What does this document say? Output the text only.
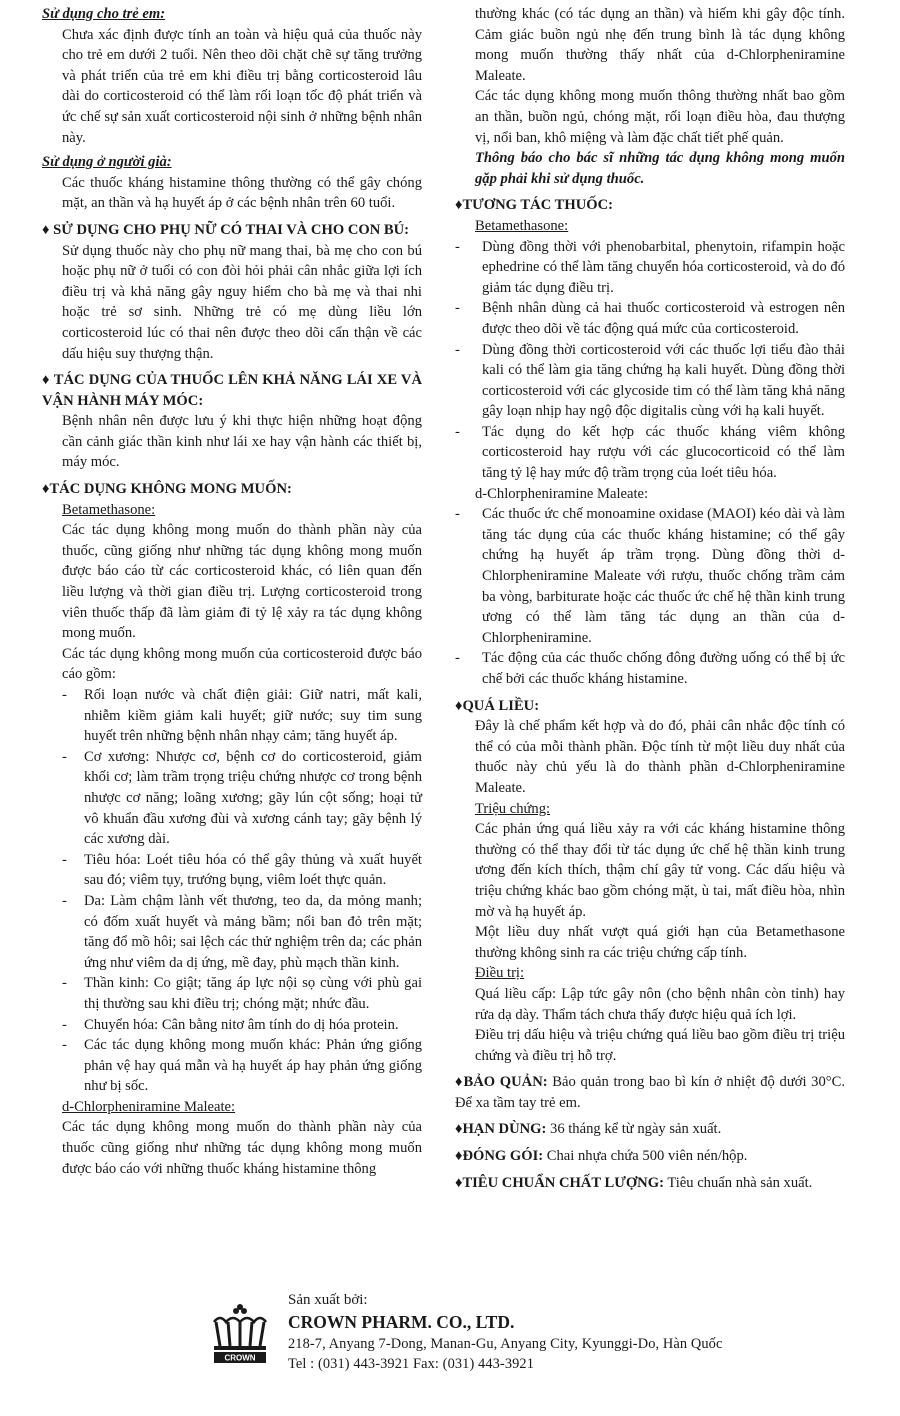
Sử dụng cho trẻ em:

Chưa xác định được tính an toàn và hiệu quả của thuốc này cho trẻ em dưới 2 tuổi. Nên theo dõi chặt chẽ sự tăng trưởng và phát triển của trẻ em khi điều trị bằng corticosteroid lâu dài do corticosteroid có thể làm rối loạn tốc độ phát triển và ức chế sự sản xuất corticosteroid nội sinh ở những bệnh nhân này.

Sử dụng ở người già:

Các thuốc kháng histamine thông thường có thể gây chóng mặt, an thần và hạ huyết áp ở các bệnh nhân trên 60 tuổi.

♦ SỬ DỤNG CHO PHỤ NỮ CÓ THAI VÀ CHO CON BÚ:

Sử dụng thuốc này cho phụ nữ mang thai, bà mẹ cho con bú hoặc phụ nữ ở tuổi có con đòi hỏi phải cân nhắc giữa lợi ích điều trị và khả năng gây nguy hiểm cho bà mẹ và thai nhi hoặc trẻ sơ sinh. Những trẻ có mẹ dùng liều lớn corticosteroid lúc có thai nên được theo dõi cẩn thận về các dấu hiệu suy thượng thận.

♦ TÁC DỤNG CỦA THUỐC LÊN KHẢ NĂNG LÁI XE VÀ VẬN HÀNH MÁY MÓC:

Bệnh nhân nên được lưu ý khi thực hiện những hoạt động cần cảnh giác thần kinh như lái xe hay vận hành các thiết bị, máy móc.

♦TÁC DỤNG KHÔNG MONG MUỐN:

Betamethasone:

Các tác dụng không mong muốn do thành phần này của thuốc, cũng giống như những tác dụng không mong muốn được báo cáo từ các corticosteroid khác, có liên quan đến liều lượng và thời gian điều trị. Lượng corticosteroid trong viên thuốc thấp đã làm giảm đi tỷ lệ xảy ra tác dụng không mong muốn.

Các tác dụng không mong muốn của corticosteroid được báo cáo gồm:

- Rối loạn nước và chất điện giải: Giữ natri, mất kali, nhiễm kiềm giảm kali huyết; giữ nước; suy tim sung huyết trên những bệnh nhân nhạy cảm; tăng huyết áp.
- Cơ xương: Nhược cơ, bệnh cơ do corticosteroid, giảm khối cơ; làm trầm trọng triệu chứng nhược cơ trong bệnh nhược cơ năng; loãng xương; gãy lún cột sống; hoại tử vô khuẩn đầu xương đùi và xương cánh tay; gãy bệnh lý các xương dài.
- Tiêu hóa: Loét tiêu hóa có thể gây thủng và xuất huyết sau đó; viêm tụy, trướng bụng, viêm loét thực quản.
- Da: Làm chậm lành vết thương, teo da, da mỏng manh; có đốm xuất huyết và mảng bầm; nổi ban đỏ trên mặt; tăng đổ mồ hôi; sai lệch các thử nghiệm trên da; các phản ứng như viêm da dị ứng, mề đay, phù mạch thần kinh.
- Thần kinh: Co giật; tăng áp lực nội sọ cùng với phù gai thị thường sau khi điều trị; chóng mặt; nhức đầu.
- Chuyển hóa: Cân bằng nitơ âm tính do dị hóa protein.
- Các tác dụng không mong muốn khác: Phản ứng giống phản vệ hay quá mẫn và hạ huyết áp hay phản ứng giống như bị sốc.

d-Chlorpheniramine Maleate:

Các tác dụng không mong muốn do thành phần này của thuốc cũng giống như những tác dụng không mong muốn được báo cáo với những thuốc kháng histamine thông

thường khác (có tác dụng an thần) và hiếm khi gây độc tính. Cảm giác buồn ngủ nhẹ đến trung bình là tác dụng không mong muốn thường thấy nhất của d-Chlorpheniramine Maleate.

Các tác dụng không mong muốn thông thường nhất bao gồm an thần, buồn ngủ, chóng mặt, rối loạn điều hòa, đau thượng vị, nổi ban, khô miệng và làm đặc chất tiết phế quản.

Thông báo cho bác sĩ những tác dụng không mong muốn gặp phải khi sử dụng thuốc.

♦TƯƠNG TÁC THUỐC:

Betamethasone:

- Dùng đồng thời với phenobarbital, phenytoin, rifampin hoặc ephedrine có thể làm tăng chuyển hóa corticosteroid, và do đó giảm tác dụng điều trị.
- Bệnh nhân dùng cả hai thuốc corticosteroid và estrogen nên được theo dõi về tác động quá mức của corticosteroid.
- Dùng đồng thời corticosteroid với các thuốc lợi tiểu đào thải kali có thể làm gia tăng chứng hạ kali huyết. Dùng đồng thời corticosteroid với các glycoside tim có thể làm tăng khả năng gây loạn nhịp hay ngộ độc digitalis cùng với hạ kali huyết.
- Tác dụng do kết hợp các thuốc kháng viêm không corticosteroid hay rượu với các glucocorticoid có thể làm tăng tỷ lệ hay mức độ trầm trọng của loét tiêu hóa.

d-Chlorpheniramine Maleate:

- Các thuốc ức chế monoamine oxidase (MAOI) kéo dài và làm tăng tác dụng của các thuốc kháng histamine; có thể gây chứng hạ huyết áp trầm trọng. Dùng đồng thời d-Chlorpheniramine Maleate với rượu, thuốc chống trầm cảm ba vòng, barbiturate hoặc các thuốc ức chế hệ thần kinh trung ương có thể làm tăng tác dụng an thần của d-Chlorpheniramine.
- Tác động của các thuốc chống đông đường uống có thể bị ức chế bởi các thuốc kháng histamine.

♦QUÁ LIỀU:

Đây là chế phẩm kết hợp và do đó, phải cân nhắc độc tính có thể có của mỗi thành phần. Độc tính từ một liều duy nhất của thuốc này chủ yếu là do thành phần d-Chlorpheniramine Maleate.

Triệu chứng:

Các phản ứng quá liều xảy ra với các kháng histamine thông thường có thể thay đổi từ tác dụng ức chế hệ thần kinh trung ương đến kích thích, thậm chí gây tử vong. Các dấu hiệu và triệu chứng khác bao gồm chóng mặt, ù tai, mất điều hòa, nhìn mờ và hạ huyết áp.

Một liều duy nhất vượt quá giới hạn của Betamethasone thường không sinh ra các triệu chứng cấp tính.

Điều trị:

Quá liều cấp: Lập tức gây nôn (cho bệnh nhân còn tỉnh) hay rửa dạ dày. Thẩm tách chưa thấy được hiệu quả ích lợi.

Điều trị dấu hiệu và triệu chứng quá liều bao gồm điều trị triệu chứng và điều trị hỗ trợ.

♦BẢO QUẢN: Bảo quản trong bao bì kín ở nhiệt độ dưới 30°C. Để xa tầm tay trẻ em.

♦HẠN DÙNG: 36 tháng kể từ ngày sản xuất.

♦ĐÓNG GÓI: Chai nhựa chứa 500 viên nén/hộp.

♦TIÊU CHUẨN CHẤT LƯỢNG: Tiêu chuẩn nhà sản xuất.

CROWN
Sản xuất bởi:
CROWN PHARM. CO., LTD.
218-7, Anyang 7-Dong, Manan-Gu, Anyang City, Kyunggi-Do, Hàn Quốc
Tel : (031) 443-3921 Fax: (031) 443-3921
